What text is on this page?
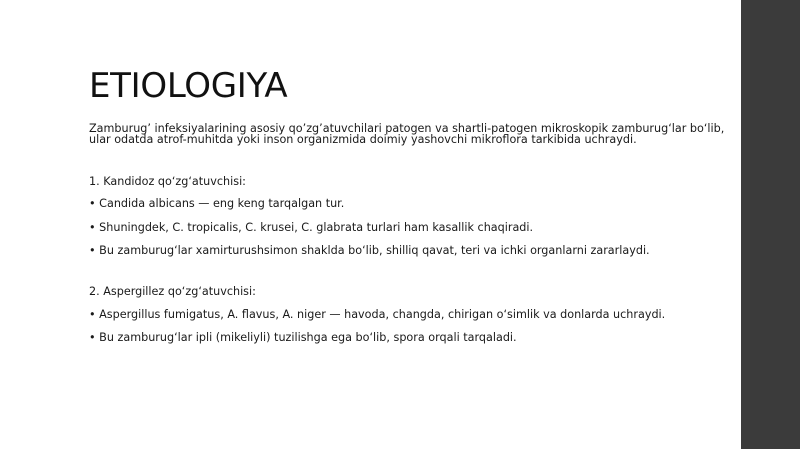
ETIOLOGIYA

Zamburug’ infeksiyalarining asosiy qo’zg’atuvchilari patogen va shartli-patogen mikroskopik zamburug‘lar bo‘lib, ular odatda atrof-muhitda yoki inson organizmida doimiy yashovchi mikroflora tarkibida uchraydi.

1. Kandidoz qo‘zg‘atuvchisi:

• Candida albicans — eng keng tarqalgan tur.

• Shuningdek, C. tropicalis, C. krusei, C. glabrata turlari ham kasallik chaqiradi.

• Bu zamburug‘lar xamirturushsimon shaklda bo‘lib, shilliq qavat, teri va ichki organlarni zararlaydi.

2. Aspergillez qo‘zg‘atuvchisi:

• Aspergillus fumigatus, A. flavus, A. niger — havoda, changda, chirigan o‘simlik va donlarda uchraydi.

• Bu zamburug‘lar ipli (mikeliyli) tuzilishga ega bo‘lib, spora orqali tarqaladi.
